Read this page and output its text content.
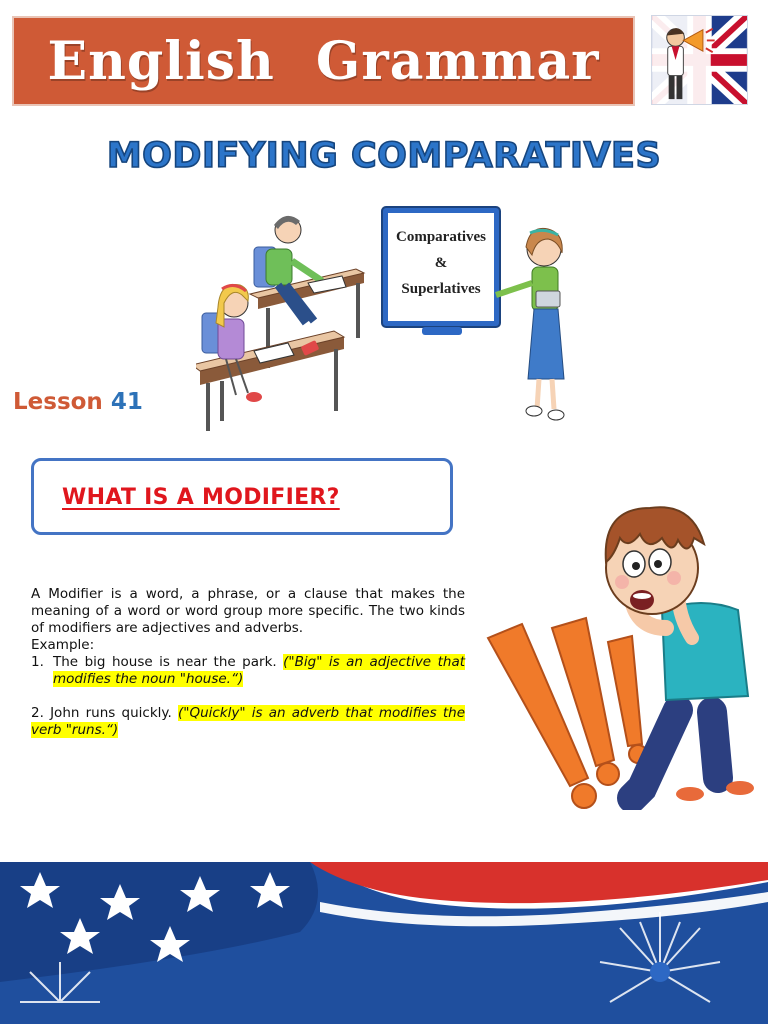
English Grammar
MODIFYING COMPARATIVES
Comparatives
&
Superlatives
Lesson 41
WHAT IS A MODIFIER?
A Modifier is a word, a phrase, or a clause that makes the meaning of a word or word group more specific. The two kinds of modifiers are adjectives and adverbs.
Example:
1. The big house is near the park. ("Big" is an adjective that modifies the noun "house.“)
2. John runs quickly. ("Quickly" is an adverb that modifies the verb "runs.“)
